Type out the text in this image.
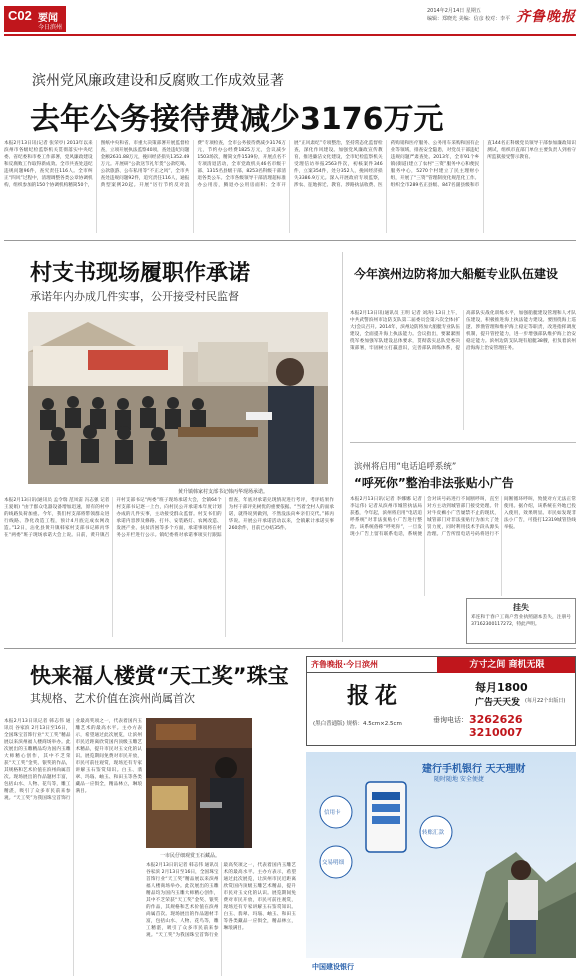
C02 要闻
今日滨州
2014年2月14日 星期五
编辑：郑晓光 美编：信彦 校对：李平 齐鲁晚报
滨州党风廉政建设和反腐败工作成效显著
去年公务接待费减少3176万元
本报2月13日讯(记者 张荣亭) 2013年以来滨州市各级纪检监察机关贯彻落实中央纪委、省纪委和市委工作部署，党风廉政建设和反腐败工作取得新成效。全市共查处违纪违规问题96件，查究责任116人。全市纠正“四风”过程中，清理调整各类公章协调机构，组织参加的150个协调机构精简50个，图纸中央和省、市重大决策部署开展监督检查，立项开展执法监察40项，查处违纪问题金额2631.88万元，挽回经济损失1352.49万元。开展研“公款送节礼年货”公款吃喝、公款旅游、公车私用等“不正之风”，全市共查处违规问题92件，追究责任116人，通报典型案例20起。开展“厉行节约反对浪费”专项检查，全市公务接待费减少3176万元，节约办公经费1825万元，会议减少1503场次，精简文件1539份，开展点名不专项清退活动，全市党政机关46名市级干部、1315名县级干部、8253名科级干部清退各类公车。全市各级领导干部清理超标准办公用房，腾退办公用房面积；全市开展“正风肃纪”专项整治，坚持常态化监督检查，深化作风建设。加强党风廉政宣传教育，推进廉洁文化建设，全市纪检监察机关受理信访举报2563件次，初核案件346件，立案354件，处分352人，挽回经济损失3386.9万元。深入开展政府专项监察，涉农、征地拆迁、教育、涉路执法收费、医药购销和医疗服务、公务用车采购和国有企业等领域，排查安全隐患，对党员干部违纪违规问题严肃查处。2013年，全市91个乡镇(街道)建立了农村“三资”服务中心和便民服务中心，5270个村建立了民主理财小组，开展了“三资”管理制度化规范化工作。组织全市289名正县级、847名副县级和市直144名正科级党员领导干部参加廉政知识测试，组织市直部门单位主要负责人到看守所监狱接受警示教育。
村支书现场履职作承诺
承诺年内办成几件实事，公开接受村民监督
黄升镇韩家村支部书记韩丙华现场承诺。
本报2月13日讯(通讯员 孟令瑞 范凤雷 冯志强 记者 王爱娟) “由于群众电器设备增加迅速，原有的村中的线路负荷加重。今年，我们村支部将带领群众进行线路、净化改造工程，预计4月底完成农网改造。”12日，沾化县黄升镇韩家村支部书记韩丙华在“两委”班子现场承诺大会上说。日前，黄升镇召开村支部书记“两委”班子现场承诺大会，全镇64个村支部书记逐一上台，向村民公开承诺本年度计划办成的几件实事，主动接受群众监督。村支书们的承诺内容涉及修路、打井、安装路灯、农网改造、发展产业、扶贫济困等多个方面，承诺事项将在村务公开栏进行公示。镇纪委将对承诺事项实行跟踪督查，年底对承诺兑现情况进行考评，考评结果作为村干部评先树优的重要依据。“当着全村人的面承诺，就得说到做到，不然没法向乡亲们交代。”韩丙华说。开展公开承诺活动以来，全镇累计承诺实事260余件，目前已办结35件。
今年滨州边防将加大船艇专业队伍建设
本报2月13日讯(通讯员 王明 记者 刘涛) 13日上午，中共武警滨州市边防支队第二届委员会第六次全体(扩大)会议召开。2014年，滨州边防将加大船艇专业队伍建设，全面提升海上执法能力。会议指出，要紧紧围绕军委加强军队建设总体要求，贯彻落实总队党委决策部署，牢固树立打赢意识，完善部队训练体系，提高部队实战化训练水平，加强船艇建设管理和人才队伍建设，积极推进海上执法能力建设。要围绕海上巡逻、涉渔管理和维护海上稳定等职责，改进指挥调度机制，提升管控能力，进一步增强部队维护海上治安稳定能力。滨州边防支队现有船艇38艘，担负着滨州沿海海上治安管理任务。
滨州将启用“电话追呼系统”
“呼死你”整治非法张贴小广告
本报2月13日讯(记者 李娜娜 记者 李运伟) 记者从滨州市城管执法局获悉，今年起，滨州将启用“电话追呼系统”对非法张贴小广告进行整治。该系统俗称“呼死你”，一旦发现小广告上留有联系电话，系统便会对该号码进行不间断呼叫，直至对方主动到城管部门接受处理。针对牛皮癣小广告屡禁不止的现状，城管部门对非法张贴行为加大了处罚力度，同时利用技术手段从源头治理。广告所留电话号码将进行不间断循环呼叫，致使对方无法正常使用。据介绍，该系统在外地已投入使用，效果明显。市民如发现非法小广告，可拨打12319城管热线举报。
挂失
邓连和于春户工商户营业执照副本丢失，注册号37162300117272，特此声明。
快来福人楼赏“天工奖”珠宝
其规格、艺术价值在滨州尚属首次
本报2月13日讯记者 韩志伟 通讯员 谷家滨 2月13日至16日，全国珠宝首饰行业“天工奖”精品展以来滨州福人楼商场举办。此次展出的玉雕精品均为国内玉雕大师精心创作，其中不乏荣获“天工奖”金奖、银奖的作品，其规格和艺术价值在滨州尚属首次。现场展出的作品题材丰富，包括山水、人物、花鸟等，雕工精湛，吸引了众多市民前来参观。“天工奖”为我国珠宝首饰行业最高奖项之一，代表着国内玉雕艺术的最高水平。主办方表示，希望通过此次展览，让滨州市民近距离欣赏国内顶级玉雕艺术精品，提升市民对玉文化的认识。展览期间免费对市民开放，市民可前往观赏，现场还有专家讲解玉石鉴赏知识。白玉、翡翠、玛瑙、岫玉、和田玉等各类藏品一应俱全，精品林立，琳琅满目。
一市民仔细观赏玉石藏品。
本报2月13日讯记者 韩志伟 通讯员 谷家滨 2月13日至16日，全国珠宝首饰行业“天工奖”精品展以来滨州福人楼商场举办。此次展出的玉雕精品均为国内玉雕大师精心创作，其中不乏荣获“天工奖”金奖、银奖的作品，其规格和艺术价值在滨州尚属首次。现场展出的作品题材丰富，包括山水、人物、花鸟等，雕工精湛，吸引了众多市民前来参观。“天工奖”为我国珠宝首饰行业最高奖项之一，代表着国内玉雕艺术的最高水平。主办方表示，希望通过此次展览，让滨州市民近距离欣赏国内顶级玉雕艺术精品，提升市民对玉文化的认识。展览期间免费对市民开放，市民可前往观赏，现场还有专家讲解玉石鉴赏知识。白玉、翡翠、玛瑙、岫玉、和田玉等各类藏品一应俱全，精品林立，琳琅满目。
齐鲁晚报·今日滨州	方寸之间 商机无限
报花	每月1800
广告天天发 (每月22个出版日)
(黑白普通版) 规格：4.5cm×2.5cm	垂询电话： 3262626 3210007
建行手机银行 天天理财
随时随地 安全便捷
信用卡
交易明细
转账汇款
中国建设银行
